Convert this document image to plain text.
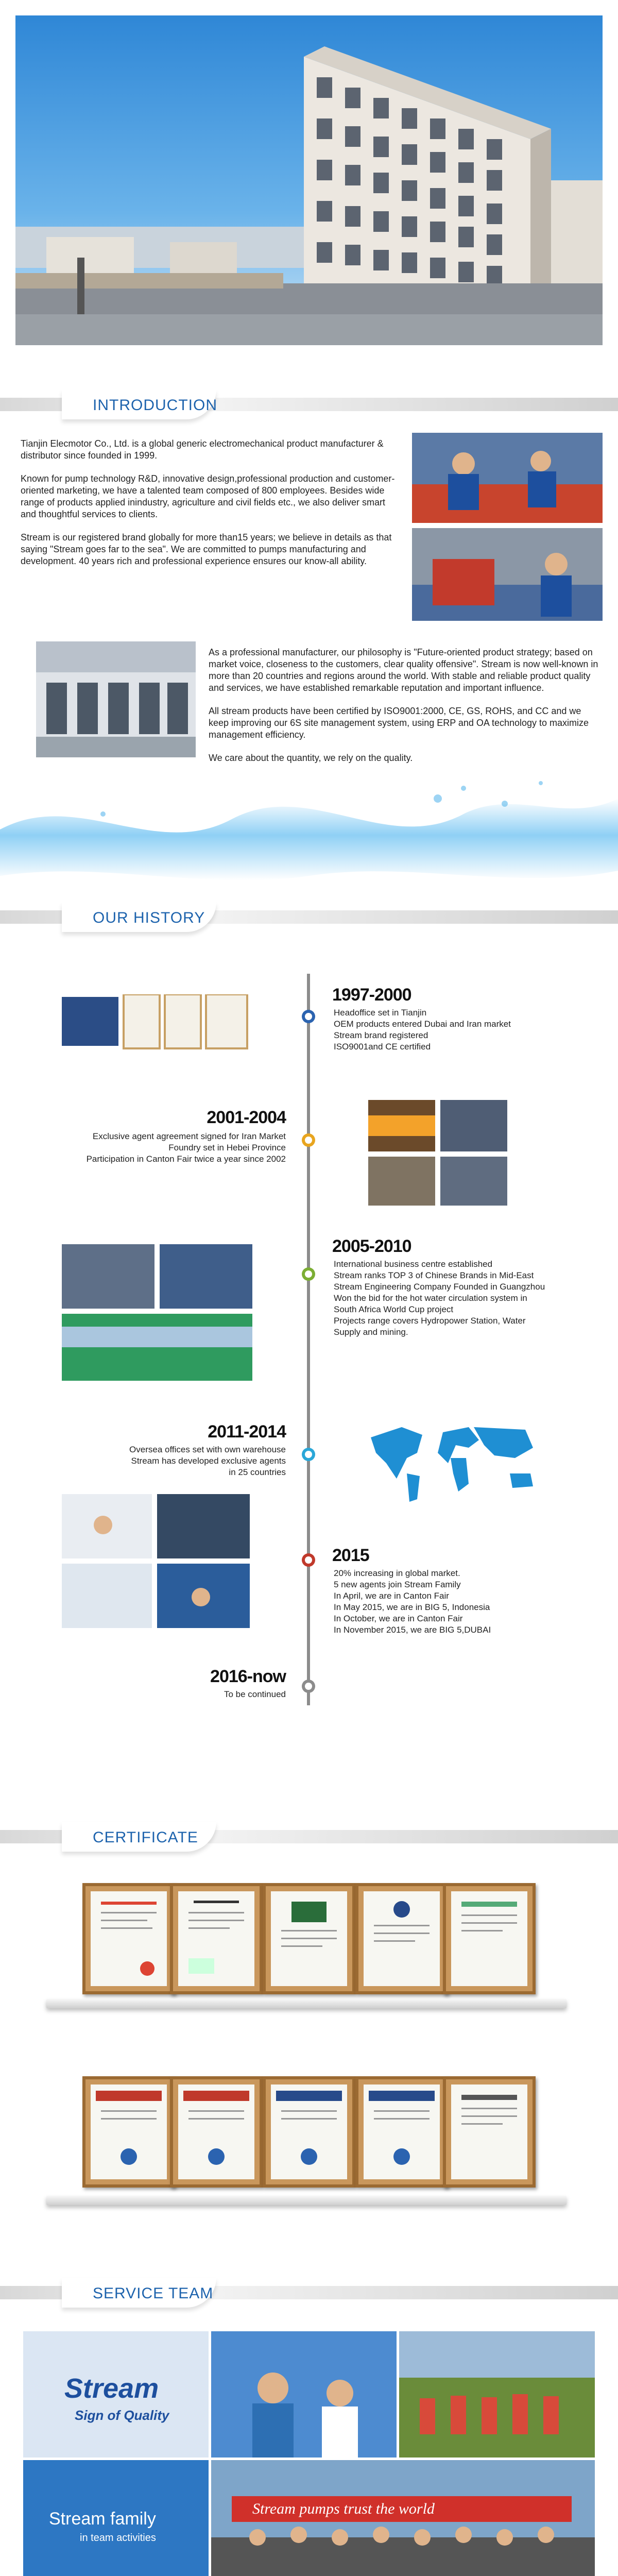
INTRODUCTION

Tianjin Elecmotor Co., Ltd. is a global generic electromechanical product manufacturer & distributor since founded in 1999.

Known for pump technology R&D, innovative design,professional production and customer-oriented marketing, we have a talented team composed of 800 employees. Besides wide range of products applied inindustry, agriculture and civil fields etc., we also deliver smart and thoughtful services to clients.

Stream is our registered brand globally for more than15 years; we believe in details as that saying "Stream goes far to the sea". We are committed to pumps manufacturing and development. 40 years rich and professional experience ensures our know-all ability.

As a professional manufacturer, our philosophy is "Future-oriented product strategy; based on market voice, closeness to the customers, clear quality offensive". Stream is now well-known in more than 20 countries and regions around the world. With stable and reliable product quality and services, we have established remarkable reputation and important influence.

All stream products have been certified by ISO9001:2000, CE, GS, ROHS, and CC and we keep improving our 6S site management system, using ERP and OA technology to maximize management efficiency.

We care about the quantity, we rely on the quality.

OUR HISTORY
1997-2000
Headoffice set in Tianjin
OEM products entered Dubai and Iran market
Stream brand registered
ISO9001and CE certified
2001-2004
Exclusive agent agreement signed for Iran Market
Foundry set in Hebei Province
Participation in Canton Fair twice a year since 2002
2005-2010
International business centre established
Stream ranks TOP 3 of Chinese Brands in Mid-East
Stream Engineering Company Founded in Guangzhou
Won the bid for the hot water circulation system in
South Africa World Cup project
Projects range covers Hydropower Station, Water
Supply and mining.
2011-2014
Oversea offices set with own warehouse
Stream has developed exclusive agents
in 25 countries
2015
20% increasing in global market.
5 new agents join Stream Family
In April, we are in Canton Fair
In May 2015, we are in BIG 5, Indonesia
In October, we are in Canton Fair
In November 2015, we are BIG 5,DUBAI
2016-now
To be continued
CERTIFICATE
SERVICE TEAM
Stream
Sign of Quality
Stream family
in team activities
Stream pumps trust the world
